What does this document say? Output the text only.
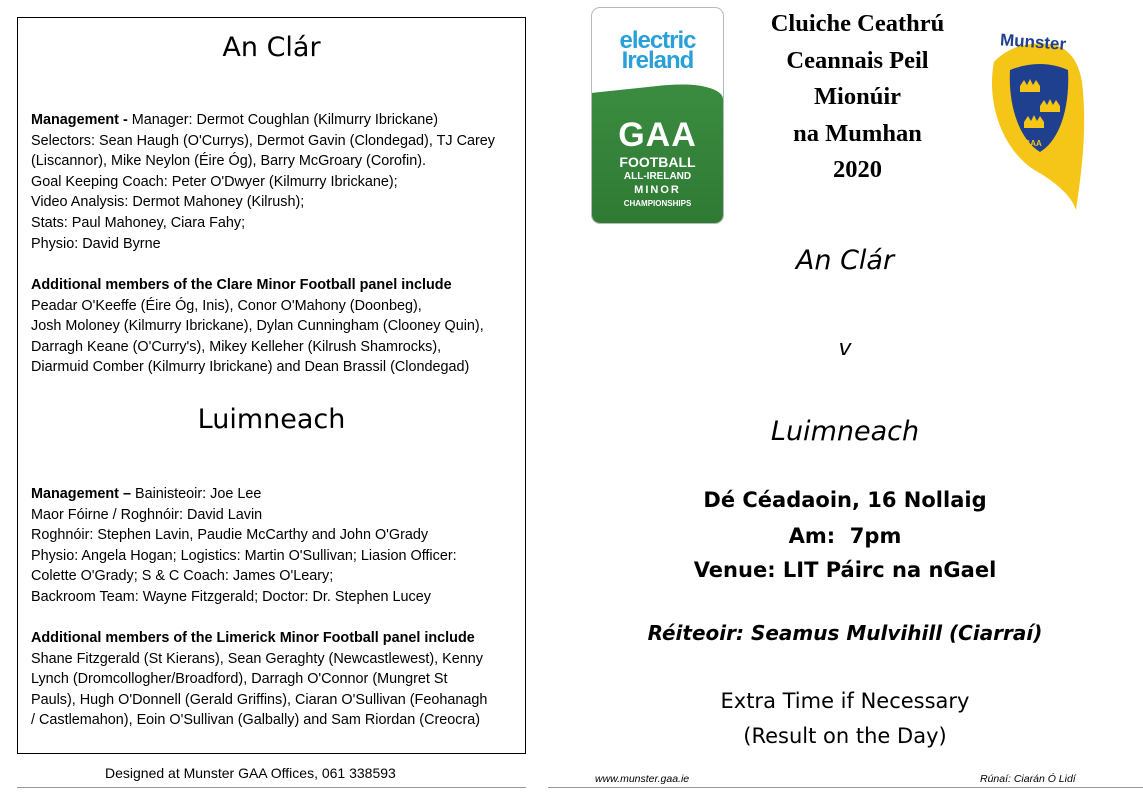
An Clár
Management - Manager: Dermot Coughlan (Kilmurry Ibrickane)
Selectors: Sean Haugh (O'Currys), Dermot Gavin (Clondegad), TJ Carey
(Liscannor), Mike Neylon (Éire Óg), Barry McGroary (Corofin).
Goal Keeping Coach: Peter O'Dwyer (Kilmurry Ibrickane);
Video Analysis: Dermot Mahoney (Kilrush);
Stats: Paul Mahoney, Ciara Fahy;
Physio: David Byrne
Additional members of the Clare Minor Football panel include
Peadar O'Keeffe (Éire Óg, Inis), Conor O'Mahony (Doonbeg),
Josh Moloney (Kilmurry Ibrickane), Dylan Cunningham (Clooney Quin),
Darragh Keane (O'Curry's), Mikey Kelleher (Kilrush Shamrocks),
Diarmuid Comber (Kilmurry Ibrickane) and Dean Brassil (Clondegad)
Luimneach
Management – Bainisteoir: Joe Lee
Maor Fóirne / Roghnóir: David Lavin
Roghnóir: Stephen Lavin, Paudie McCarthy and John O'Grady
Physio: Angela Hogan; Logistics: Martin O'Sullivan; Liasion Officer:
Colette O'Grady; S & C Coach: James O'Leary;
Backroom Team: Wayne Fitzgerald; Doctor: Dr. Stephen Lucey
Additional members of the Limerick Minor Football panel include
Shane Fitzgerald (St Kierans), Sean Geraghty (Newcastlewest), Kenny
Lynch (Dromcollogher/Broadford), Darragh O'Connor (Mungret St
Pauls), Hugh O'Donnell (Gerald Griffins), Ciaran O'Sullivan (Feohanagh
/ Castlemahon), Eoin O'Sullivan (Galbally) and Sam Riordan (Creocra)
Designed at Munster GAA Offices, 061 338593
electric
Ireland
GAA
FOOTBALL
ALL-IRELAND
MINOR
CHAMPIONSHIPS
Cluiche Ceathrú
Ceannais Peil
Mionúir
na Mumhan
2020
Munster
GAA
An Clár
v
Luimneach
Dé Céadaoin, 16 Nollaig
Am:  7pm
Venue: LIT Páirc na nGael
Réiteoir: Seamus Mulvihill (Ciarraí)
Extra Time if Necessary
(Result on the Day)
www.munster.gaa.ie	Rúnaí: Ciarán Ó Lidí
